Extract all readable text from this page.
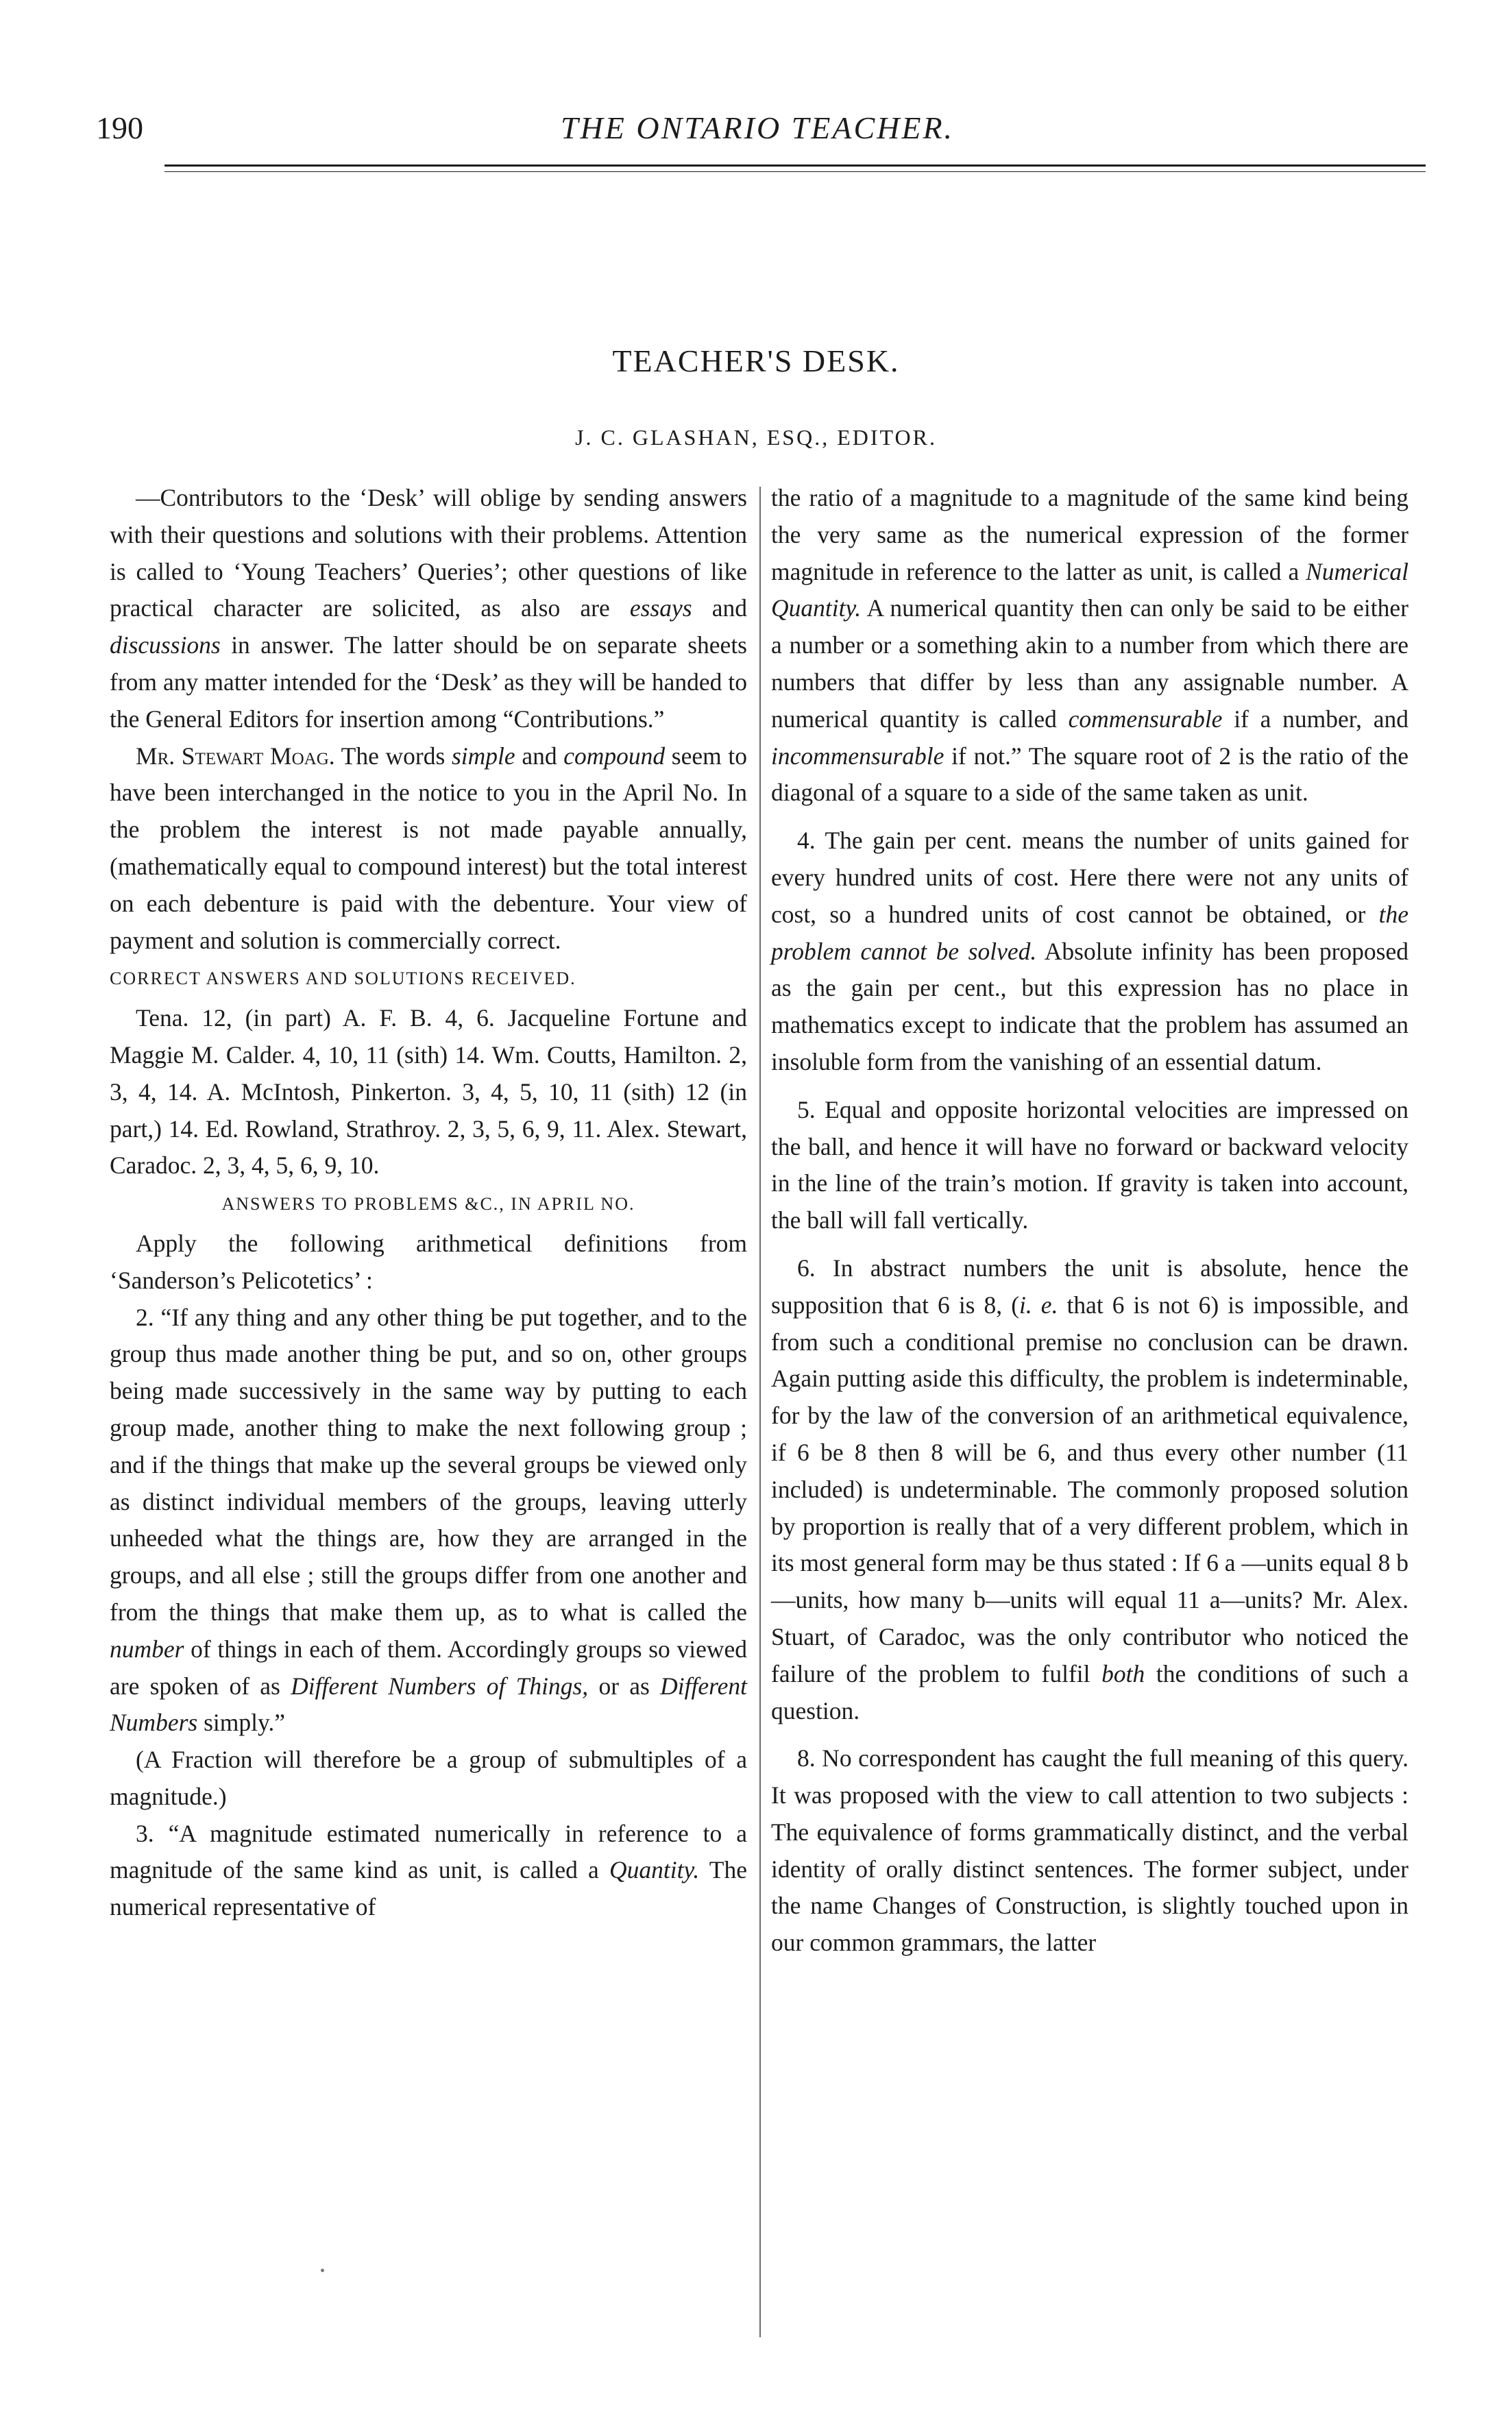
190	THE ONTARIO TEACHER.
TEACHER'S DESK.
J. C. GLASHAN, ESQ., EDITOR.

—Contributors to the ‘Desk’ will oblige by sending answers with their questions and solutions with their problems. Attention is called to ‘Young Teachers’ Queries’; other questions of like practical character are solicited, as also are essays and discussions in answer. The latter should be on separate sheets from any matter intended for the ‘Desk’ as they will be handed to the General Editors for insertion among “Contributions.”

Mr. Stewart Moag. The words simple and compound seem to have been interchanged in the notice to you in the April No. In the problem the interest is not made payable annually, (mathematically equal to compound interest) but the total interest on each debenture is paid with the debenture. Your view of payment and solution is commercially correct.

CORRECT ANSWERS AND SOLUTIONS RECEIVED.

Tena. 12, (in part) A. F. B. 4, 6. Jacqueline Fortune and Maggie M. Calder. 4, 10, 11 (sith) 14. Wm. Coutts, Hamilton. 2, 3, 4, 14. A. McIntosh, Pinkerton. 3, 4, 5, 10, 11 (sith) 12 (in part,) 14. Ed. Rowland, Strathroy. 2, 3, 5, 6, 9, 11. Alex. Stewart, Caradoc. 2, 3, 4, 5, 6, 9, 10.

ANSWERS TO PROBLEMS &C., IN APRIL NO.

Apply the following arithmetical definitions from ‘Sanderson’s Pelicotetics’ :

2. “If any thing and any other thing be put together, and to the group thus made another thing be put, and so on, other groups being made successively in the same way by putting to each group made, another thing to make the next following group ; and if the things that make up the several groups be viewed only as distinct individual members of the groups, leaving utterly unheeded what the things are, how they are arranged in the groups, and all else ; still the groups differ from one another and from the things that make them up, as to what is called the number of things in each of them. Accordingly groups so viewed are spoken of as Different Numbers of Things, or as Different Numbers simply.”

(A Fraction will therefore be a group of submultiples of a magnitude.)

3. “A magnitude estimated numerically in reference to a magnitude of the same kind as unit, is called a Quantity. The numerical representative of

the ratio of a magnitude to a magnitude of the same kind being the very same as the numerical expression of the former magnitude in reference to the latter as unit, is called a Numerical Quantity. A numerical quantity then can only be said to be either a number or a something akin to a number from which there are numbers that differ by less than any assignable number. A numerical quantity is called commensurable if a number, and incommensurable if not.” The square root of 2 is the ratio of the diagonal of a square to a side of the same taken as unit.

4. The gain per cent. means the number of units gained for every hundred units of cost. Here there were not any units of cost, so a hundred units of cost cannot be obtained, or the problem cannot be solved. Absolute infinity has been proposed as the gain per cent., but this expression has no place in mathematics except to indicate that the problem has assumed an insoluble form from the vanishing of an essential datum.

5. Equal and opposite horizontal velocities are impressed on the ball, and hence it will have no forward or backward velocity in the line of the train’s motion. If gravity is taken into account, the ball will fall vertically.

6. In abstract numbers the unit is absolute, hence the supposition that 6 is 8, (i. e. that 6 is not 6) is impossible, and from such a conditional premise no conclusion can be drawn. Again putting aside this difficulty, the problem is indeterminable, for by the law of the conversion of an arithmetical equivalence, if 6 be 8 then 8 will be 6, and thus every other number (11 included) is undeterminable. The commonly proposed solution by proportion is really that of a very different problem, which in its most general form may be thus stated : If 6 a —units equal 8 b—units, how many b—units will equal 11 a—units? Mr. Alex. Stuart, of Caradoc, was the only contributor who noticed the failure of the problem to fulfil both the conditions of such a question.

8. No correspondent has caught the full meaning of this query. It was proposed with the view to call attention to two subjects : The equivalence of forms grammatically distinct, and the verbal identity of orally distinct sentences. The former subject, under the name Changes of Construction, is slightly touched upon in our common grammars, the latter
